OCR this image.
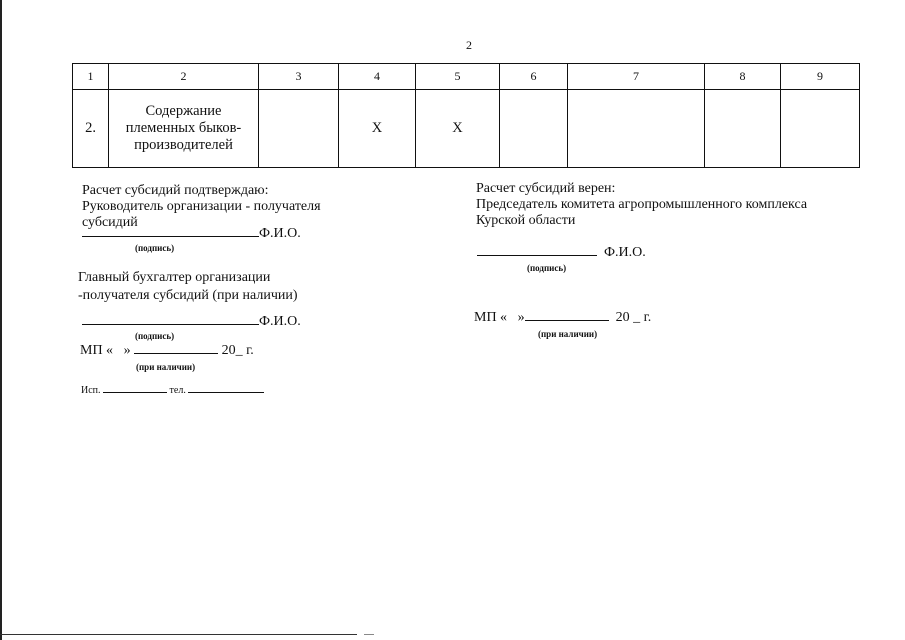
2
1	2	3	4	5	6	7	8	9
2.	Содержание
племенных быков-
производителей		X	X				
Расчет субсидий подтверждаю:
Руководитель организации - получателя
субсидий
Ф.И.О.
(подпись)
Главный бухгалтер организации
-получателя субсидий (при наличии)
Ф.И.О.
(подпись)
МП « »	20_ г.
(при наличии)
Исп.	тел.
Расчет субсидий верен:
Председатель комитета агропромышленного комплекса
Курской области
Ф.И.О.
(подпись)
МП « »	20 _ г.
(при наличии)
